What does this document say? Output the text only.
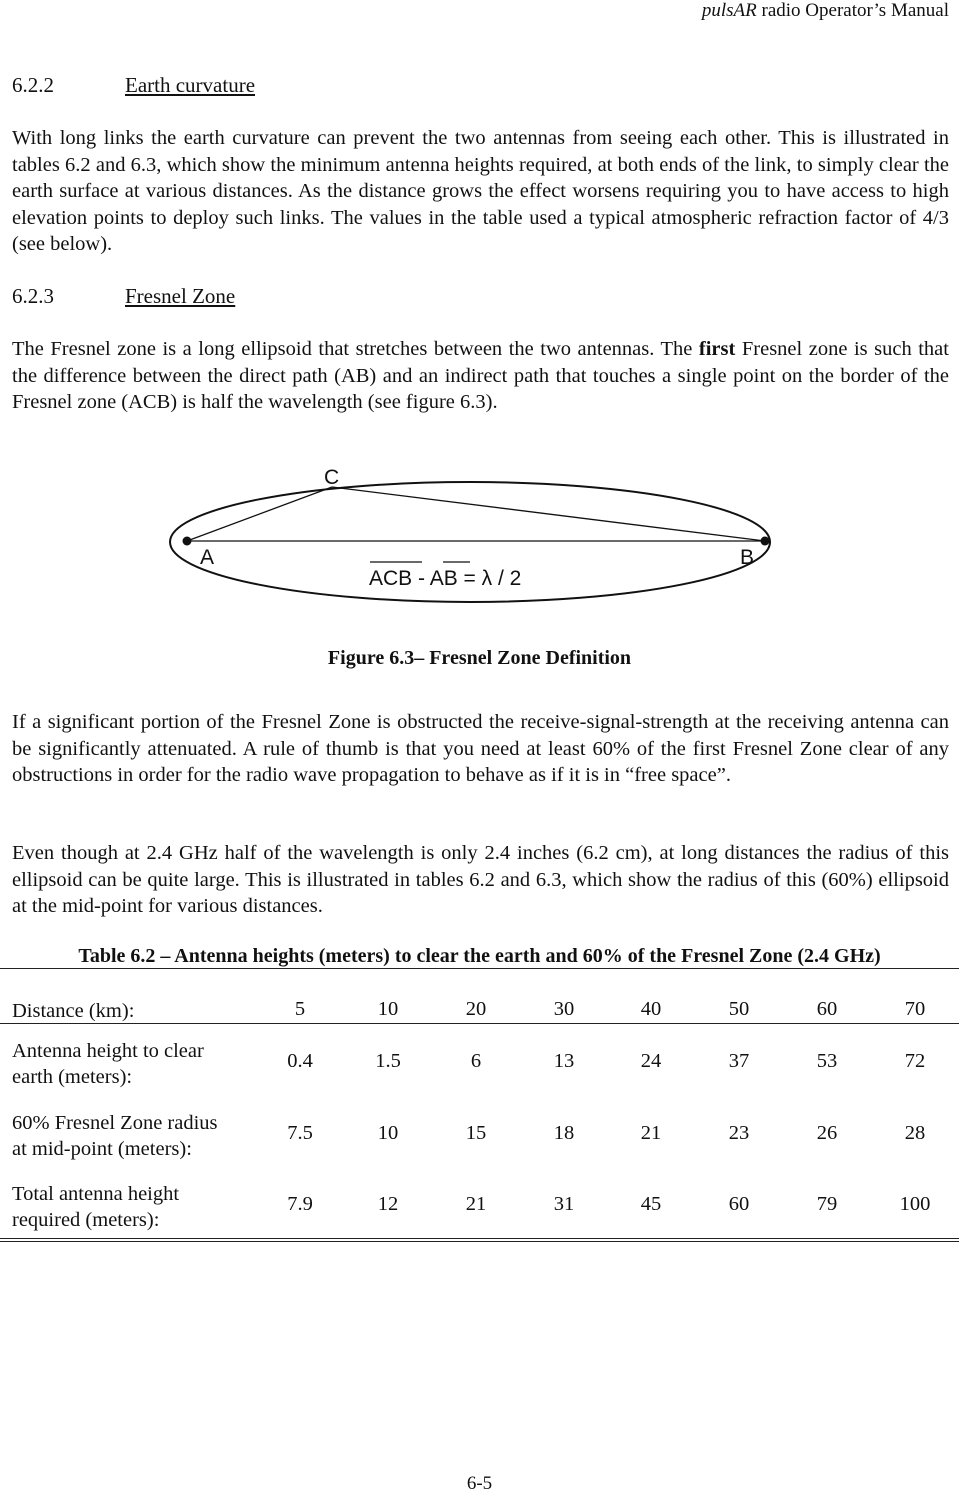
pulsAR radio Operator’s Manual
6.2.2	Earth curvature

With long links the earth curvature can prevent the two antennas from seeing each other. This is illustrated in tables 6.2 and 6.3, which show the minimum antenna heights required, at both ends of the link, to simply clear the earth surface at various distances. As the distance grows the effect worsens requiring you to have access to high elevation points to deploy such links. The values in the table used a typical atmospheric refraction factor of 4/3 (see below).

6.2.3	Fresnel Zone

The Fresnel zone is a long ellipsoid that stretches between the two antennas. The first Fresnel zone is such that the difference between the direct path (AB) and an indirect path that touches a single point on the border of the Fresnel zone (ACB) is half the wavelength (see figure 6.3).

A	B
C
ACB - AB = λ / 2
Figure 6.3– Fresnel Zone Definition

If a significant portion of the Fresnel Zone is obstructed the receive-signal-strength at the receiving antenna can be significantly attenuated. A rule of thumb is that you need at least 60% of the first Fresnel Zone clear of any obstructions in order for the radio wave propagation to behave as if it is in “free space”.

Even though at 2.4 GHz half of the wavelength is only 2.4 inches (6.2 cm), at long distances the radius of this ellipsoid can be quite large. This is illustrated in tables 6.2 and 6.3, which show the radius of this (60%) ellipsoid at the mid-point for various distances.

Table 6.2 – Antenna heights (meters) to clear the earth and 60% of the Fresnel Zone (2.4 GHz)
Distance (km):	5	10	20	30	40	50	60	70
Antenna height to clear
earth (meters):
0.4	1.5	6	13	24	37	53	72
60% Fresnel Zone radius
at mid-point (meters):
7.5	10	15	18	21	23	26	28
Total antenna height
required (meters):
7.9	12	21	31	45	60	79	100
6-5
